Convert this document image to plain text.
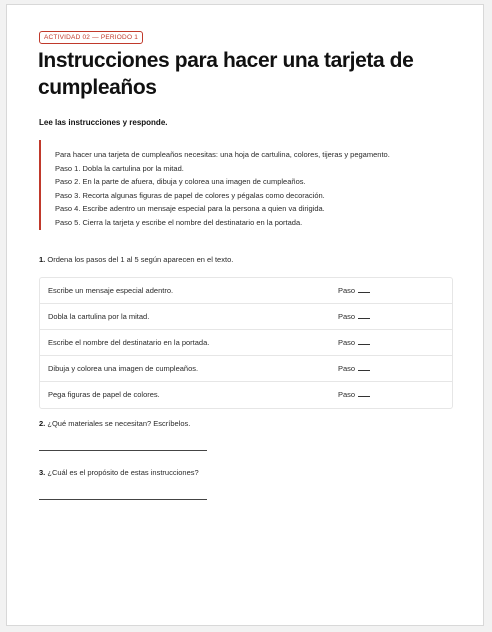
ACTIVIDAD 02 — PERIODO 1
Instrucciones para hacer una tarjeta de cumpleaños
Lee las instrucciones y responde.
Para hacer una tarjeta de cumpleaños necesitas: una hoja de cartulina, colores, tijeras y pegamento.
Paso 1. Dobla la cartulina por la mitad.
Paso 2. En la parte de afuera, dibuja y colorea una imagen de cumpleaños.
Paso 3. Recorta algunas figuras de papel de colores y pégalas como decoración.
Paso 4. Escribe adentro un mensaje especial para la persona a quien va dirigida.
Paso 5. Cierra la tarjeta y escribe el nombre del destinatario en la portada.
1. Ordena los pasos del 1 al 5 según aparecen en el texto.
Escribe un mensaje especial adentro.	Paso
Dobla la cartulina por la mitad.	Paso
Escribe el nombre del destinatario en la portada.	Paso
Dibuja y colorea una imagen de cumpleaños.	Paso
Pega figuras de papel de colores.	Paso
2. ¿Qué materiales se necesitan? Escríbelos.
3. ¿Cuál es el propósito de estas instrucciones?
